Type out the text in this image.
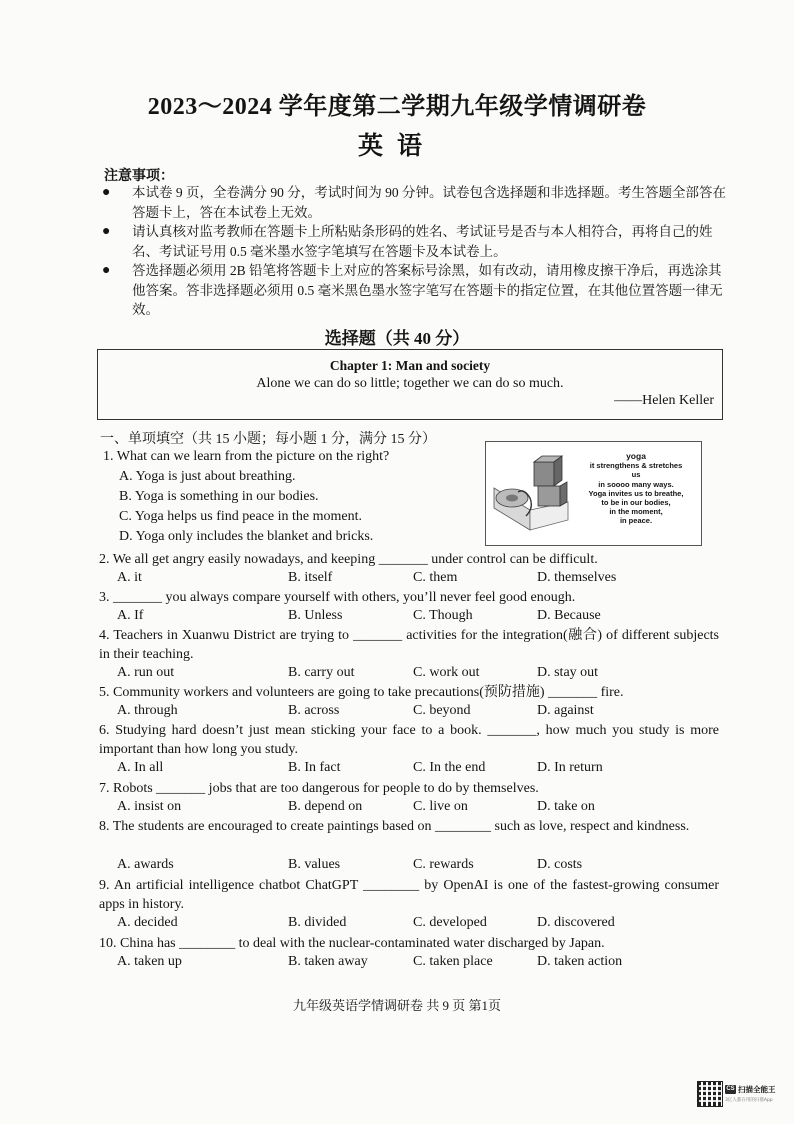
2023～2024 学年度第二学期九年级学情调研卷
英语
注意事项：
● 本试卷 9 页，全卷满分 90 分，考试时间为 90 分钟。试卷包含选择题和非选择题。考生答题全部答在答题卡上，答在本试卷上无效。
● 请认真核对监考教师在答题卡上所粘贴条形码的姓名、考试证号是否与本人相符合，再将自己的姓名、考试证号用 0.5 毫米墨水签字笔填写在答题卡及本试卷上。
● 答选择题必须用 2B 铅笔将答题卡上对应的答案标号涂黑，如有改动，请用橡皮擦干净后，再选涂其他答案。答非选择题必须用 0.5 毫米黑色墨水签字笔写在答题卡的指定位置，在其他位置答题一律无效。
选择题（共 40 分）
Chapter 1: Man and society
Alone we can do so little; together we can do so much.
——Helen Keller
一、单项填空（共 15 小题；每小题 1 分，满分 15 分）
yoga
it strengthens & stretches
us
in soooo many ways.
Yoga invites us to breathe,
to be in our bodies,
in the moment,
in peace.
1. What can we learn from the picture on the right?
A. Yoga is just about breathing.
B. Yoga is something in our bodies.
C. Yoga helps us find peace in the moment.
D. Yoga only includes the blanket and bricks.
2. We all get angry easily nowadays, and keeping _______ under control can be difficult.
A. it	B. itself	C. them	D. themselves
3. _______ you always compare yourself with others, you’ll never feel good enough.
A. If	B. Unless	C. Though	D. Because
4. Teachers in Xuanwu District are trying to _______ activities for the integration(融合) of different subjects in their teaching.
A. run out	B. carry out	C. work out	D. stay out
5. Community workers and volunteers are going to take precautions(预防措施) _______ fire.
A. through	B. across	C. beyond	D. against
6. Studying hard doesn’t just mean sticking your face to a book. _______, how much you study is more important than how long you study.
A. In all	B. In fact	C. In the end	D. In return
7. Robots _______ jobs that are too dangerous for people to do by themselves.
A. insist on	B. depend on	C. live on	D. take on
8. The students are encouraged to create paintings based on ________ such as love, respect and kindness.
A. awards	B. values	C. rewards	D. costs
9. An artificial intelligence chatbot ChatGPT ________ by OpenAI is one of the fastest-growing consumer apps in history.
A. decided	B. divided	C. developed	D. discovered
10. China has ________ to deal with the nuclear-contaminated water discharged by Japan.
A. taken up	B. taken away	C. taken place	D. taken action
九年级英语学情调研卷 共 9 页 第1页
CS 扫描全能王
3亿人都在用的扫描App
